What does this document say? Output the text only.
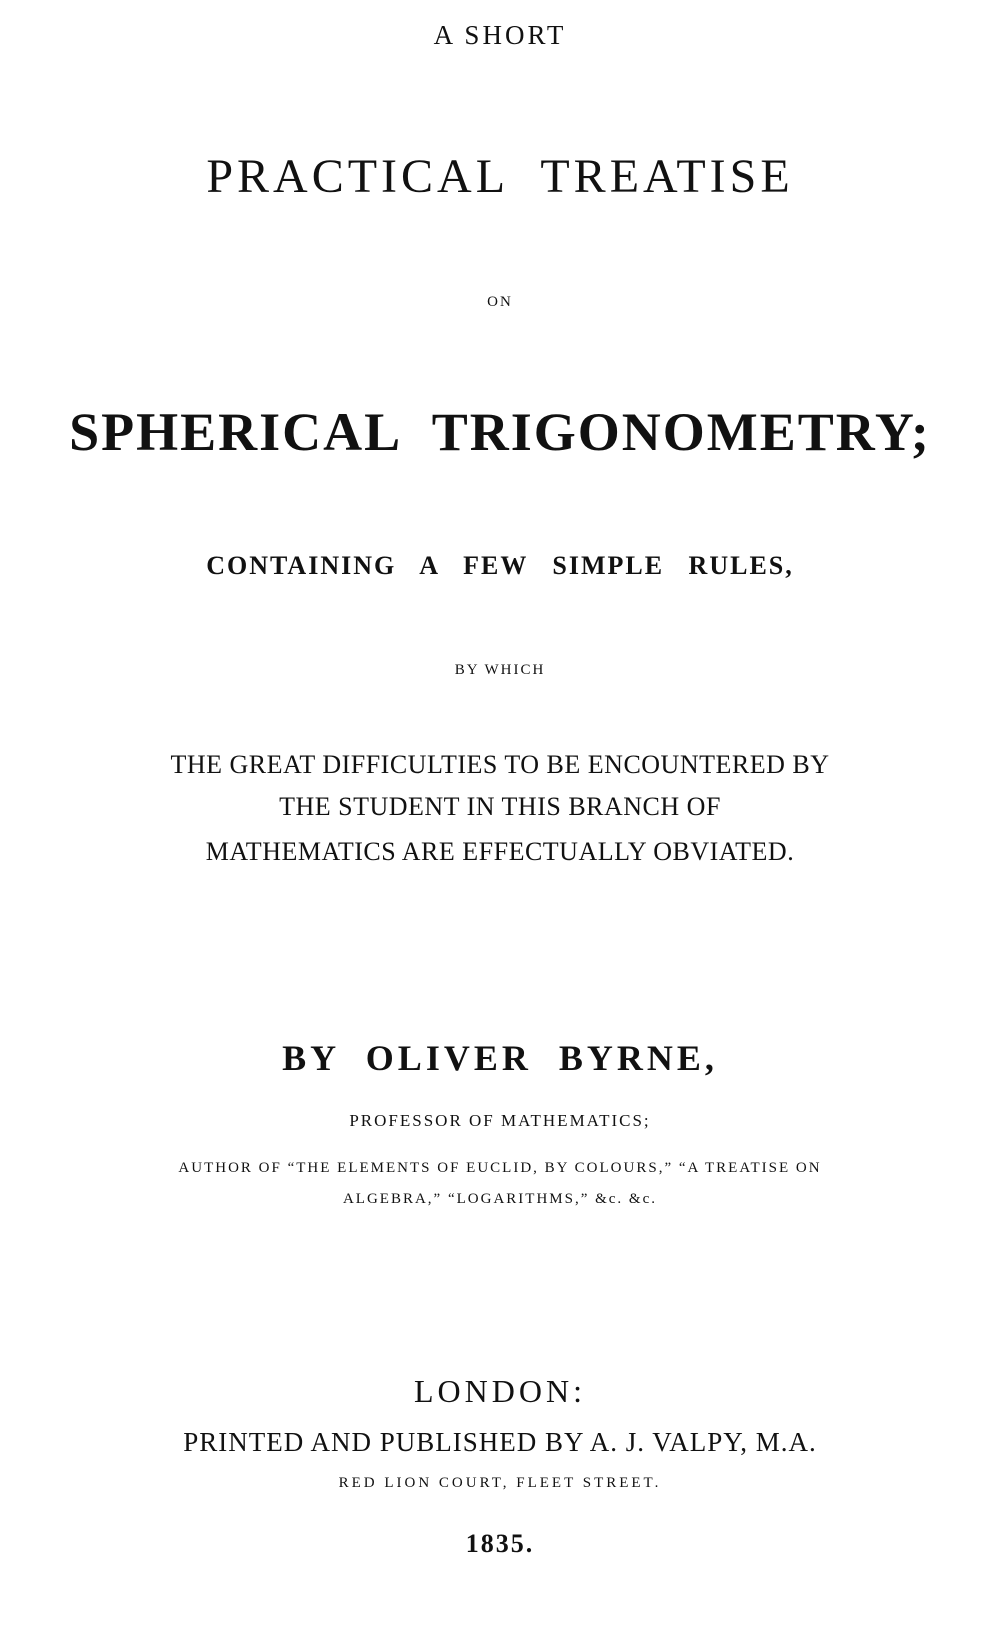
A SHORT
PRACTICAL TREATISE
ON
SPHERICAL TRIGONOMETRY;
CONTAINING A FEW SIMPLE RULES,
BY WHICH
THE GREAT DIFFICULTIES TO BE ENCOUNTERED BY
THE STUDENT IN THIS BRANCH OF
MATHEMATICS ARE EFFECTUALLY OBVIATED.
BY OLIVER BYRNE,
PROFESSOR OF MATHEMATICS;
AUTHOR OF “THE ELEMENTS OF EUCLID, BY COLOURS,” “A TREATISE ON
ALGEBRA,” “LOGARITHMS,” &c. &c.
LONDON:
PRINTED AND PUBLISHED BY A. J. VALPY, M.A.
RED LION COURT, FLEET STREET.
1835.
